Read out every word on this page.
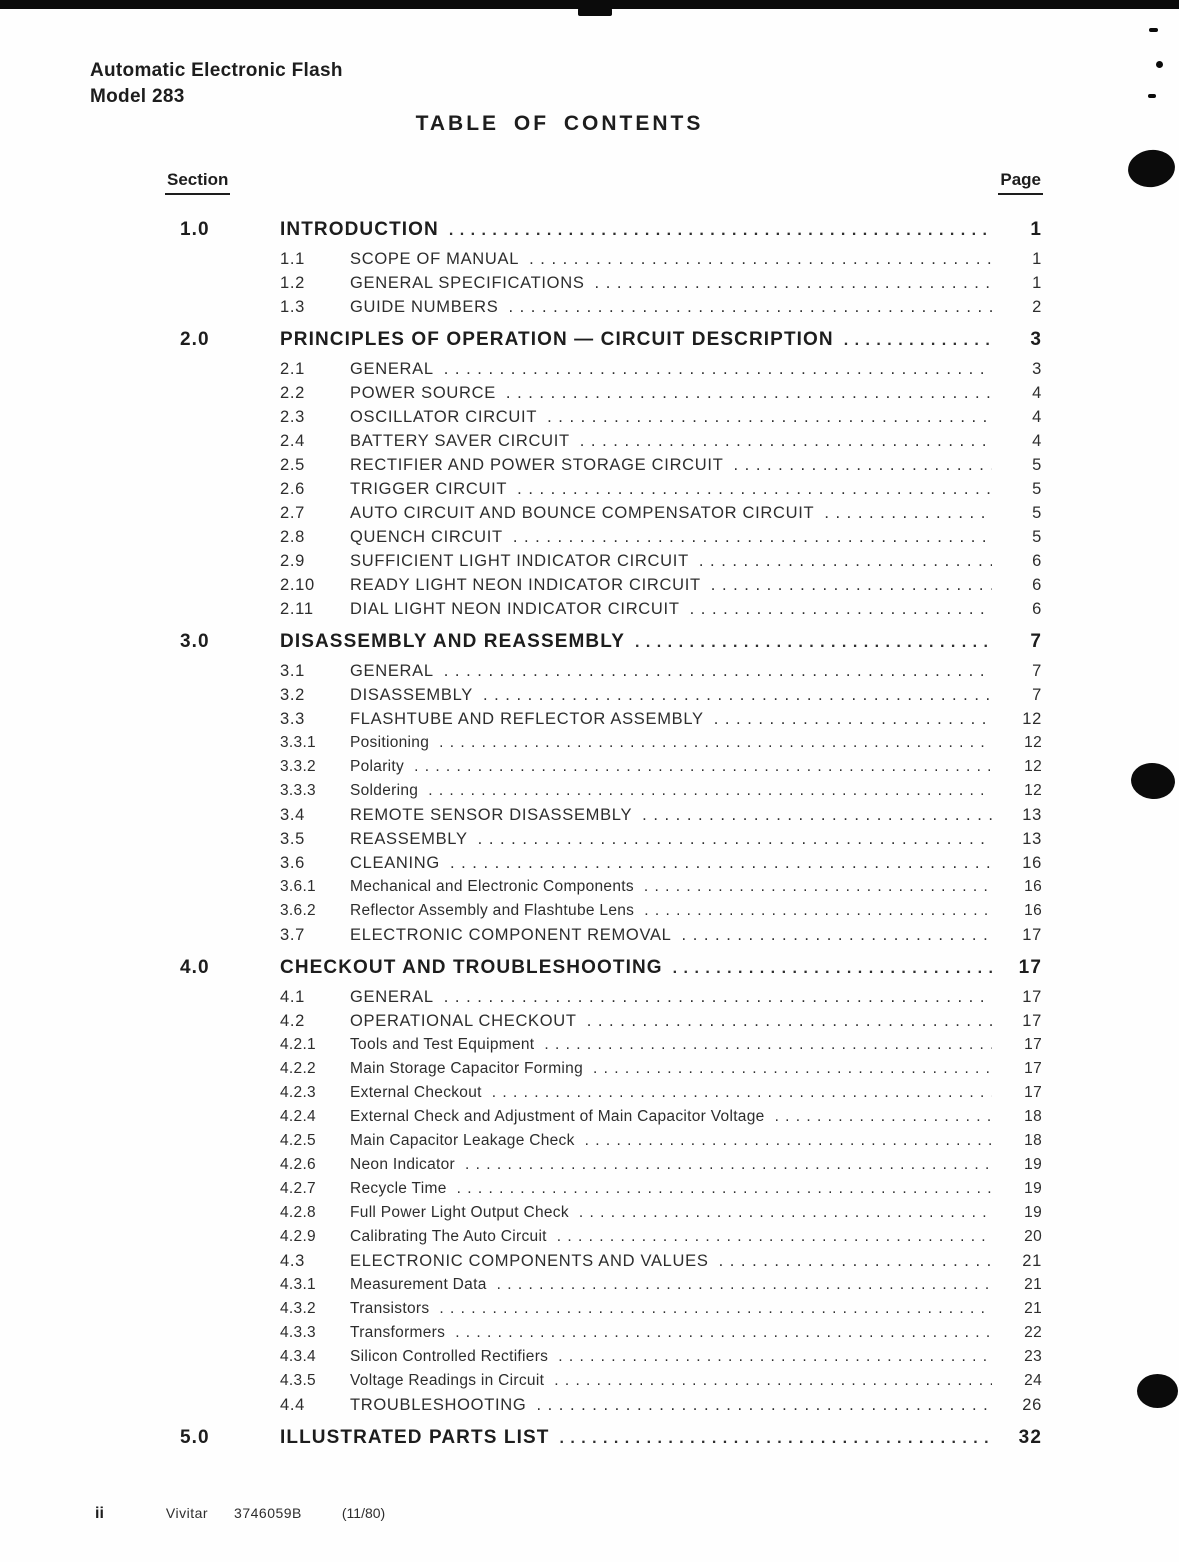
Automatic Electronic Flash
Model 283
TABLE OF CONTENTS
Section	Page
1.0	INTRODUCTION . . .	1
1.1	SCOPE OF MANUAL . . .	1
1.2	GENERAL SPECIFICATIONS . . .	1
1.3	GUIDE NUMBERS . . .	2
2.0	PRINCIPLES OF OPERATION — CIRCUIT DESCRIPTION . . .	3
2.1	GENERAL . . .	3
2.2	POWER SOURCE . . .	4
2.3	OSCILLATOR CIRCUIT . . .	4
2.4	BATTERY SAVER CIRCUIT . . .	4
2.5	RECTIFIER AND POWER STORAGE CIRCUIT . . .	5
2.6	TRIGGER CIRCUIT . . .	5
2.7	AUTO CIRCUIT AND BOUNCE COMPENSATOR CIRCUIT . . .	5
2.8	QUENCH CIRCUIT . . .	5
2.9	SUFFICIENT LIGHT INDICATOR CIRCUIT . . .	6
2.10	READY LIGHT NEON INDICATOR CIRCUIT . . .	6
2.11	DIAL LIGHT NEON INDICATOR CIRCUIT . . .	6
3.0	DISASSEMBLY AND REASSEMBLY . . .	7
3.1	GENERAL . . .	7
3.2	DISASSEMBLY . . .	7
3.3	FLASHTUBE AND REFLECTOR ASSEMBLY . . .	12
3.3.1	Positioning . . .	12
3.3.2	Polarity . . .	12
3.3.3	Soldering . . .	12
3.4	REMOTE SENSOR DISASSEMBLY . . .	13
3.5	REASSEMBLY . . .	13
3.6	CLEANING . . .	16
3.6.1	Mechanical and Electronic Components . . .	16
3.6.2	Reflector Assembly and Flashtube Lens . . .	16
3.7	ELECTRONIC COMPONENT REMOVAL . . .	17
4.0	CHECKOUT AND TROUBLESHOOTING . . .	17
4.1	GENERAL . . .	17
4.2	OPERATIONAL CHECKOUT . . .	17
4.2.1	Tools and Test Equipment . . .	17
4.2.2	Main Storage Capacitor Forming . . .	17
4.2.3	External Checkout . . .	17
4.2.4	External Check and Adjustment of Main Capacitor Voltage . . .	18
4.2.5	Main Capacitor Leakage Check . . .	18
4.2.6	Neon Indicator . . .	19
4.2.7	Recycle Time . . .	19
4.2.8	Full Power Light Output Check . . .	19
4.2.9	Calibrating The Auto Circuit . . .	20
4.3	ELECTRONIC COMPONENTS AND VALUES . . .	21
4.3.1	Measurement Data . . .	21
4.3.2	Transistors . . .	21
4.3.3	Transformers . . .	22
4.3.4	Silicon Controlled Rectifiers . . .	23
4.3.5	Voltage Readings in Circuit . . .	24
4.4	TROUBLESHOOTING . . .	26
5.0	ILLUSTRATED PARTS LIST . . .	32
ii	Vivitar 3746059B	(11/80)
